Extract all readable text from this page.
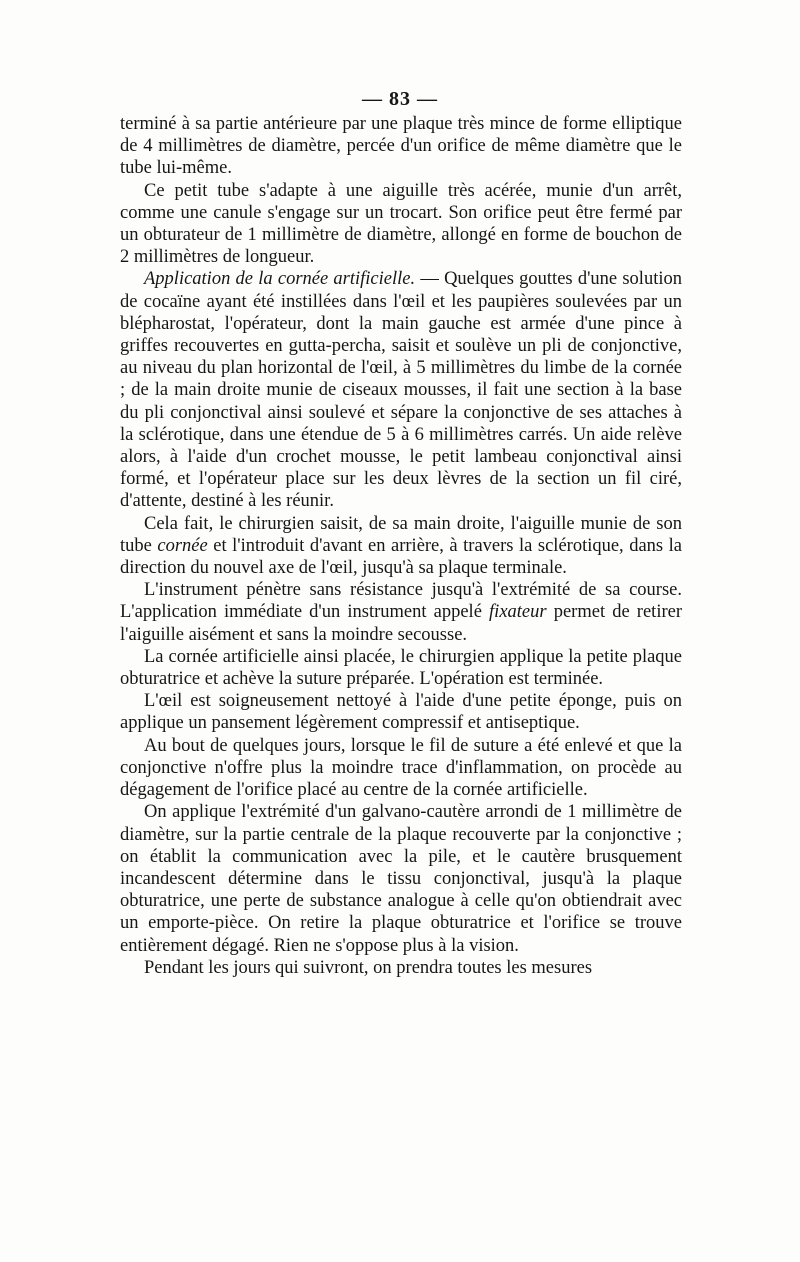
— 83 —

terminé à sa partie antérieure par une plaque très mince de forme elliptique de 4 millimètres de diamètre, percée d'un orifice de même diamètre que le tube lui-même.

Ce petit tube s'adapte à une aiguille très acérée, munie d'un arrêt, comme une canule s'engage sur un trocart. Son orifice peut être fermé par un obturateur de 1 millimètre de diamètre, allongé en forme de bouchon de 2 millimètres de longueur.

Application de la cornée artificielle. — Quelques gouttes d'une solution de cocaïne ayant été instillées dans l'œil et les paupières soulevées par un blépharostat, l'opérateur, dont la main gauche est armée d'une pince à griffes recouvertes en gutta-percha, saisit et soulève un pli de conjonctive, au niveau du plan horizontal de l'œil, à 5 millimètres du limbe de la cornée ; de la main droite munie de ciseaux mousses, il fait une section à la base du pli conjonctival ainsi soulevé et sépare la conjonctive de ses attaches à la sclérotique, dans une étendue de 5 à 6 millimètres carrés. Un aide relève alors, à l'aide d'un crochet mousse, le petit lambeau conjonctival ainsi formé, et l'opérateur place sur les deux lèvres de la section un fil ciré, d'attente, destiné à les réunir.

Cela fait, le chirurgien saisit, de sa main droite, l'aiguille munie de son tube cornée et l'introduit d'avant en arrière, à travers la sclérotique, dans la direction du nouvel axe de l'œil, jusqu'à sa plaque terminale.

L'instrument pénètre sans résistance jusqu'à l'extrémité de sa course. L'application immédiate d'un instrument appelé fixateur permet de retirer l'aiguille aisément et sans la moindre secousse.

La cornée artificielle ainsi placée, le chirurgien applique la petite plaque obturatrice et achève la suture préparée. L'opération est terminée.

L'œil est soigneusement nettoyé à l'aide d'une petite éponge, puis on applique un pansement légèrement compressif et antiseptique.

Au bout de quelques jours, lorsque le fil de suture a été enlevé et que la conjonctive n'offre plus la moindre trace d'inflammation, on procède au dégagement de l'orifice placé au centre de la cornée artificielle.

On applique l'extrémité d'un galvano-cautère arrondi de 1 millimètre de diamètre, sur la partie centrale de la plaque recouverte par la conjonctive ; on établit la communication avec la pile, et le cautère brusquement incandescent détermine dans le tissu conjonctival, jusqu'à la plaque obturatrice, une perte de substance analogue à celle qu'on obtiendrait avec un emporte-pièce. On retire la plaque obturatrice et l'orifice se trouve entièrement dégagé. Rien ne s'oppose plus à la vision.

Pendant les jours qui suivront, on prendra toutes les mesures
